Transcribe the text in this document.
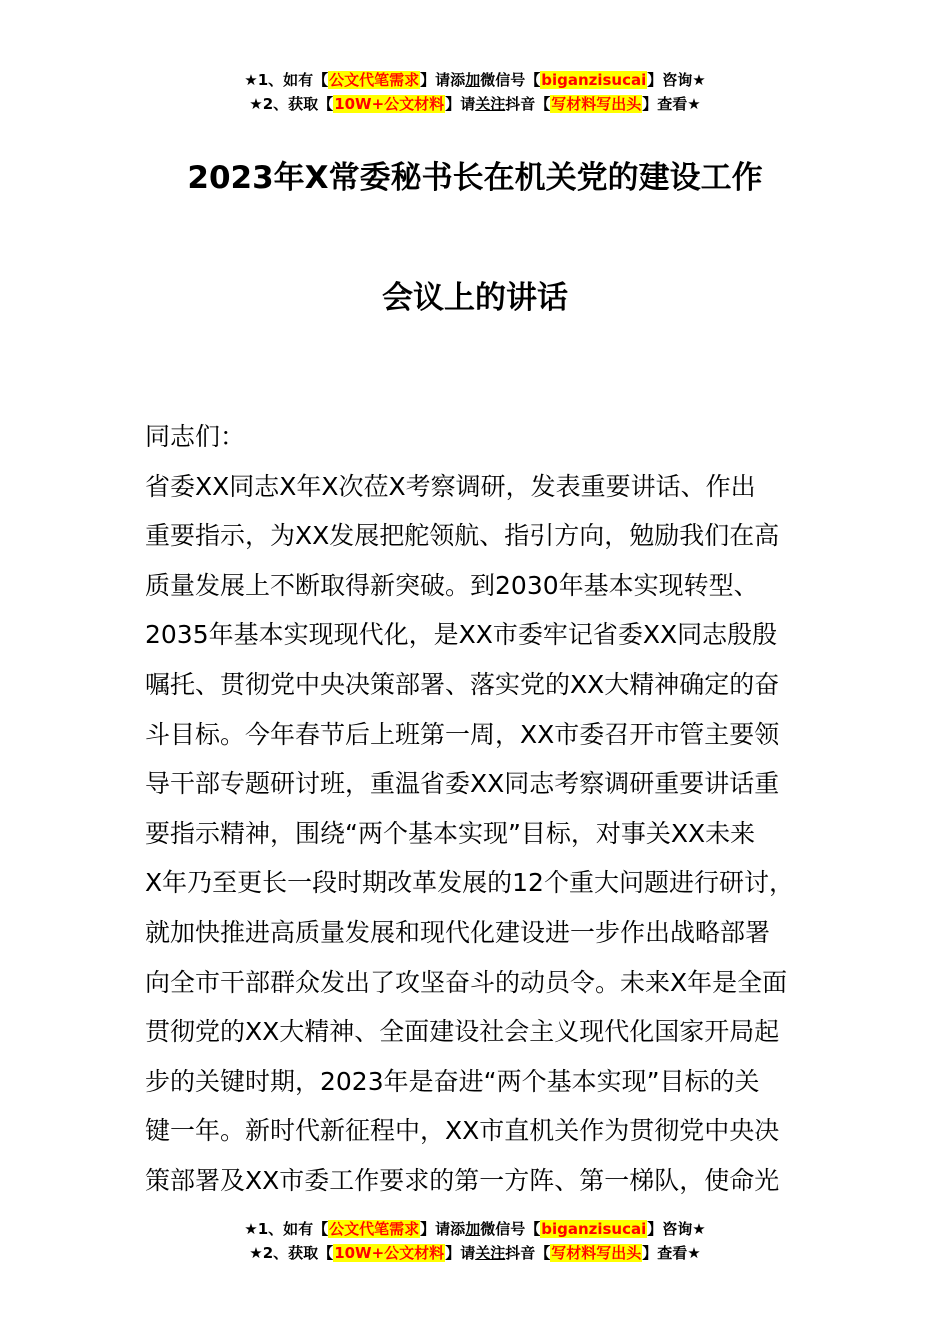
★1、如有【公文代笔需求】请添加微信号【biganzisucai】咨询★
★2、获取【10W+公文材料】请关注抖音【写材料写出头】查看★
2023年X常委秘书长在机关党的建设工作
会议上的讲话

同志们：

省委XX同志X年X次莅X考察调研，发表重要讲话、作出

重要指示，为XX发展把舵领航、指引方向，勉励我们在高

质量发展上不断取得新突破。到2030年基本实现转型、

2035年基本实现现代化，是XX市委牢记省委XX同志殷殷

嘱托、贯彻党中央决策部署、落实党的XX大精神确定的奋

斗目标。今年春节后上班第一周，XX市委召开市管主要领

导干部专题研讨班，重温省委XX同志考察调研重要讲话重

要指示精神，围绕“两个基本实现”目标，对事关XX未来

X年乃至更长一段时期改革发展的12个重大问题进行研讨，

就加快推进高质量发展和现代化建设进一步作出战略部署

向全市干部群众发出了攻坚奋斗的动员令。未来X年是全面

贯彻党的XX大精神、全面建设社会主义现代化国家开局起

步的关键时期，2023年是奋进“两个基本实现”目标的关

键一年。新时代新征程中，XX市直机关作为贯彻党中央决

策部署及XX市委工作要求的第一方阵、第一梯队，使命光

★1、如有【公文代笔需求】请添加微信号【biganzisucai】咨询★
★2、获取【10W+公文材料】请关注抖音【写材料写出头】查看★
